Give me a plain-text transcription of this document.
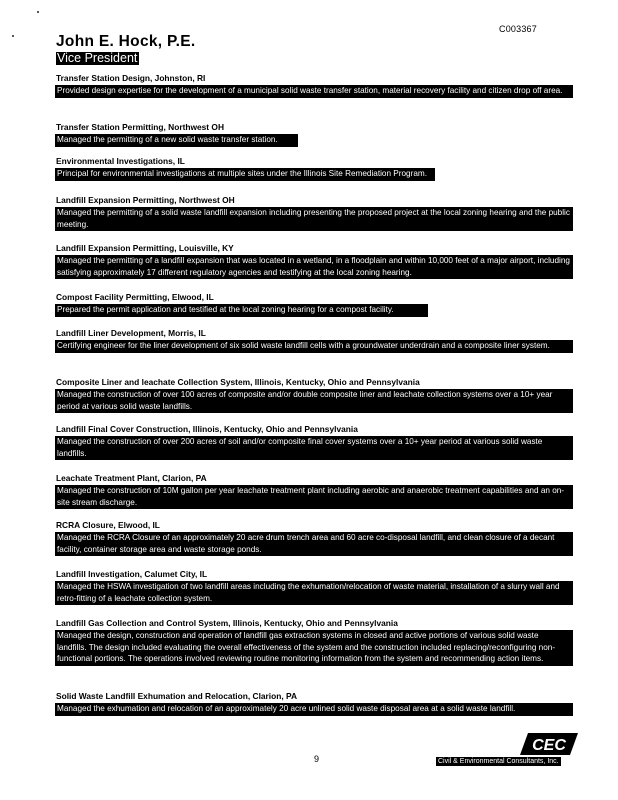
C003367
John E. Hock, P.E.
Vice President
Transfer Station Design, Johnston, RI
Provided design expertise for the development of a municipal solid waste transfer station, material recovery facility and citizen drop off area.
Transfer Station Permitting, Northwest OH
Managed the permitting of a new solid waste transfer station.
Environmental Investigations, IL
Principal for environmental investigations at multiple sites under the Illinois Site Remediation Program.
Landfill Expansion Permitting, Northwest OH
Managed the permitting of a solid waste landfill expansion including presenting the proposed project at the local zoning hearing and the public meeting.
Landfill Expansion Permitting, Louisville, KY
Managed the permitting of a landfill expansion that was located in a wetland, in a floodplain and within 10,000 feet of a major airport, including satisfying approximately 17 different regulatory agencies and testifying at the local zoning hearing.
Compost Facility Permitting, Elwood, IL
Prepared the permit application and testified at the local zoning hearing for a compost facility.
Landfill Liner Development, Morris, IL
Certifying engineer for the liner development of six solid waste landfill cells with a groundwater underdrain and a composite liner system.
Composite Liner and leachate Collection System, Illinois, Kentucky, Ohio and Pennsylvania
Managed the construction of over 100 acres of composite and/or double composite liner and leachate collection systems over a 10+ year period at various solid waste landfills.
Landfill Final Cover Construction, Illinois, Kentucky, Ohio and Pennsylvania
Managed the construction of over 200 acres of soil and/or composite final cover systems over a 10+ year period at various solid waste landfills.
Leachate Treatment Plant, Clarion, PA
Managed the construction of 10M gallon per year leachate treatment plant including aerobic and anaerobic treatment capabilities and an on-site stream discharge.
RCRA Closure, Elwood, IL
Managed the RCRA Closure of an approximately 20 acre drum trench area and 60 acre co-disposal landfill, and clean closure of a decant facility, container storage area and waste storage ponds.
Landfill Investigation, Calumet City, IL
Managed the HSWA investigation of two landfill areas including the exhumation/relocation of waste material, installation of a slurry wall and retro-fitting of a leachate collection system.
Landfill Gas Collection and Control System, Illinois, Kentucky, Ohio and Pennsylvania
Managed the design, construction and operation of landfill gas extraction systems in closed and active portions of various solid waste landfills. The design included evaluating the overall effectiveness of the system and the construction included replacing/reconfiguring non-functional portions. The operations involved reviewing routine monitoring information from the system and recommending action items.
Solid Waste Landfill Exhumation and Relocation, Clarion, PA
Managed the exhumation and relocation of an approximately 20 acre unlined solid waste disposal area at a solid waste landfill.
9
CEC
Civil & Environmental Consultants, Inc.
